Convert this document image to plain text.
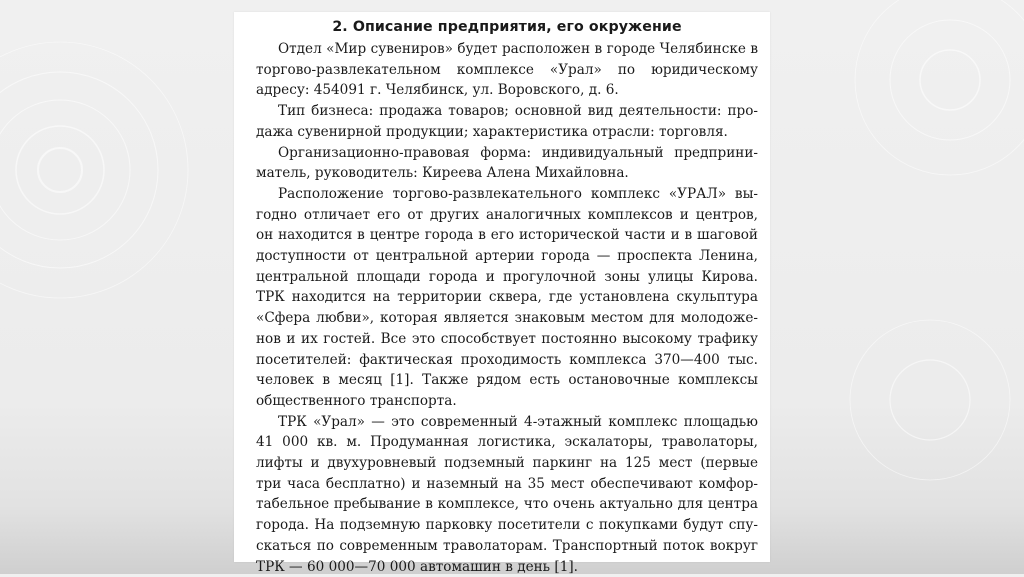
2. Описание предприятия, его окружение

Отдел «Мир сувениров» будет расположен в городе Челябинске в торгово-развлекательном комплексе «Урал» по юридическому адресу: 454091 г. Челябинск, ул. Воровского, д. 6.

Тип бизнеса: продажа товаров; основной вид деятельности: продажа сувенирной продукции; характеристика отрасли: торговля.

Организационно-правовая форма: индивидуальный предприниматель, руководитель: Киреева Алена Михайловна.

Расположение торгово-развлекательного комплекс «УРАЛ» выгодно отличает его от других аналогичных комплексов и центров, он находится в центре города в его исторической части и в шаговой доступности от центральной артерии города — проспекта Ленина, центральной площади города и прогулочной зоны улицы Кирова. ТРК находится на территории сквера, где установлена скульптура «Сфера любви», которая является знаковым местом для молодоженов и их гостей. Все это способствует постоянно высокому трафику посетителей: фактическая проходимость комплекса 370—400 тыс. человек в месяц [1]. Также рядом есть остановочные комплексы общественного транспорта.

ТРК «Урал» — это современный 4-этажный комплекс площадью 41 000 кв. м. Продуманная логистика, эскалаторы, траволаторы, лифты и двухуровневый подземный паркинг на 125 мест (первые три часа бесплатно) и наземный на 35 мест обеспечивают комфортабельное пребывание в комплексе, что очень актуально для центра города. На подземную парковку посетители с покупками будут спускаться по современным траволаторам. Транспортный поток вокруг ТРК — 60 000—70 000 автомашин в день [1].
